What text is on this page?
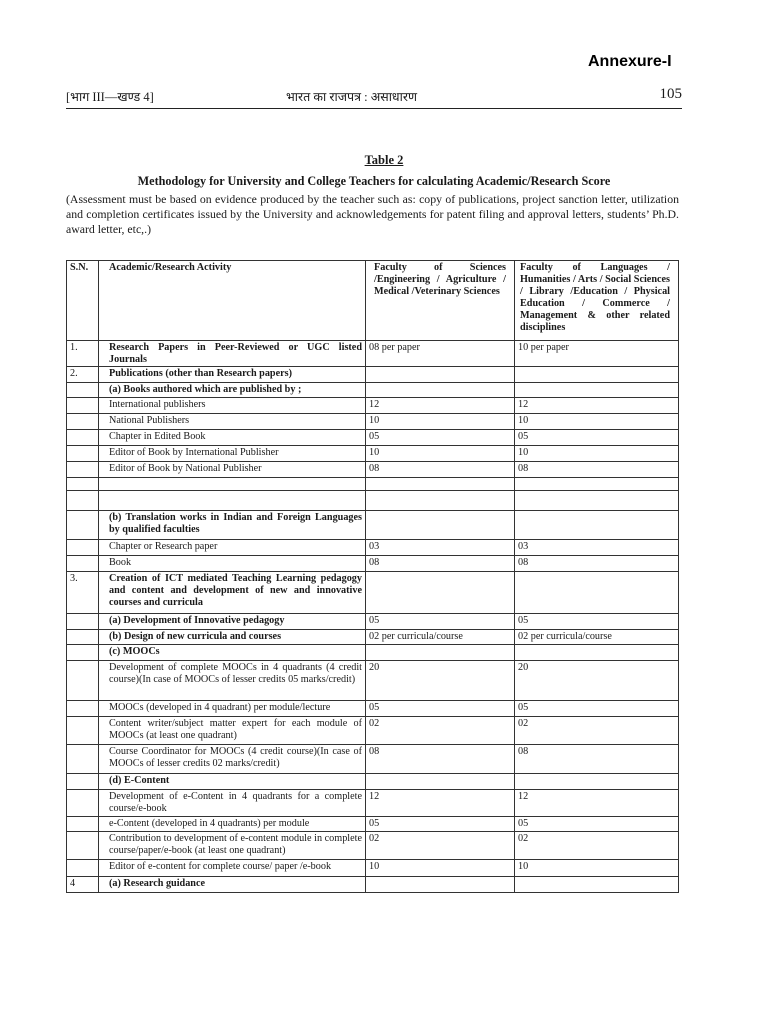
Annexure-I
[भाग III—खण्ड 4]	भारत का राजपत्र : असाधारण	105
Table 2
Methodology for University and College Teachers for calculating Academic/Research Score
(Assessment must be based on evidence produced by the teacher such as: copy of publications, project sanction letter, utilization and completion certificates issued by the University and acknowledgements for patent filing and approval letters, students’ Ph.D. award letter, etc,.)
S.N.	Academic/Research Activity	Faculty of Sciences /Engineering / Agriculture / Medical /Veterinary Sciences	Faculty of Languages / Humanities / Arts / Social Sciences / Library /Education / Physical Education / Commerce / Management & other related disciplines
1.	Research Papers in Peer-Reviewed or UGC listed Journals	08 per paper	10 per paper
2.	Publications (other than Research papers)		
	(a) Books authored which are published by ;		
	International publishers	12	12
	National Publishers	10	10
	Chapter in Edited Book	05	05
	Editor of Book by International Publisher	10	10
	Editor of Book by National Publisher	08	08

	(b) Translation works in Indian and Foreign Languages by qualified faculties		
	Chapter or Research paper	03	03
	Book	08	08
3.	Creation of ICT mediated Teaching Learning pedagogy and content and development of new and innovative courses and curricula		
	(a) Development of Innovative pedagogy	05	05
	(b) Design of new curricula and courses	02 per curricula/course	02 per curricula/course
	(c) MOOCs		
	Development of complete MOOCs in 4 quadrants (4 credit course)(In case of MOOCs of lesser credits 05 marks/credit)	20	20
	MOOCs (developed in 4 quadrant) per module/lecture	05	05
	Content writer/subject matter expert for each module of MOOCs (at least one quadrant)	02	02
	Course Coordinator for MOOCs (4 credit course)(In case of MOOCs of lesser credits 02 marks/credit)	08	08
	(d) E-Content		
	Development of e-Content in 4 quadrants for a complete course/e-book	12	12
	e-Content (developed in 4 quadrants) per module	05	05
	Contribution to development of e-content module in complete course/paper/e-book (at least one quadrant)	02	02
	Editor of e-content for complete course/ paper /e-book	10	10
4	(a) Research guidance		
